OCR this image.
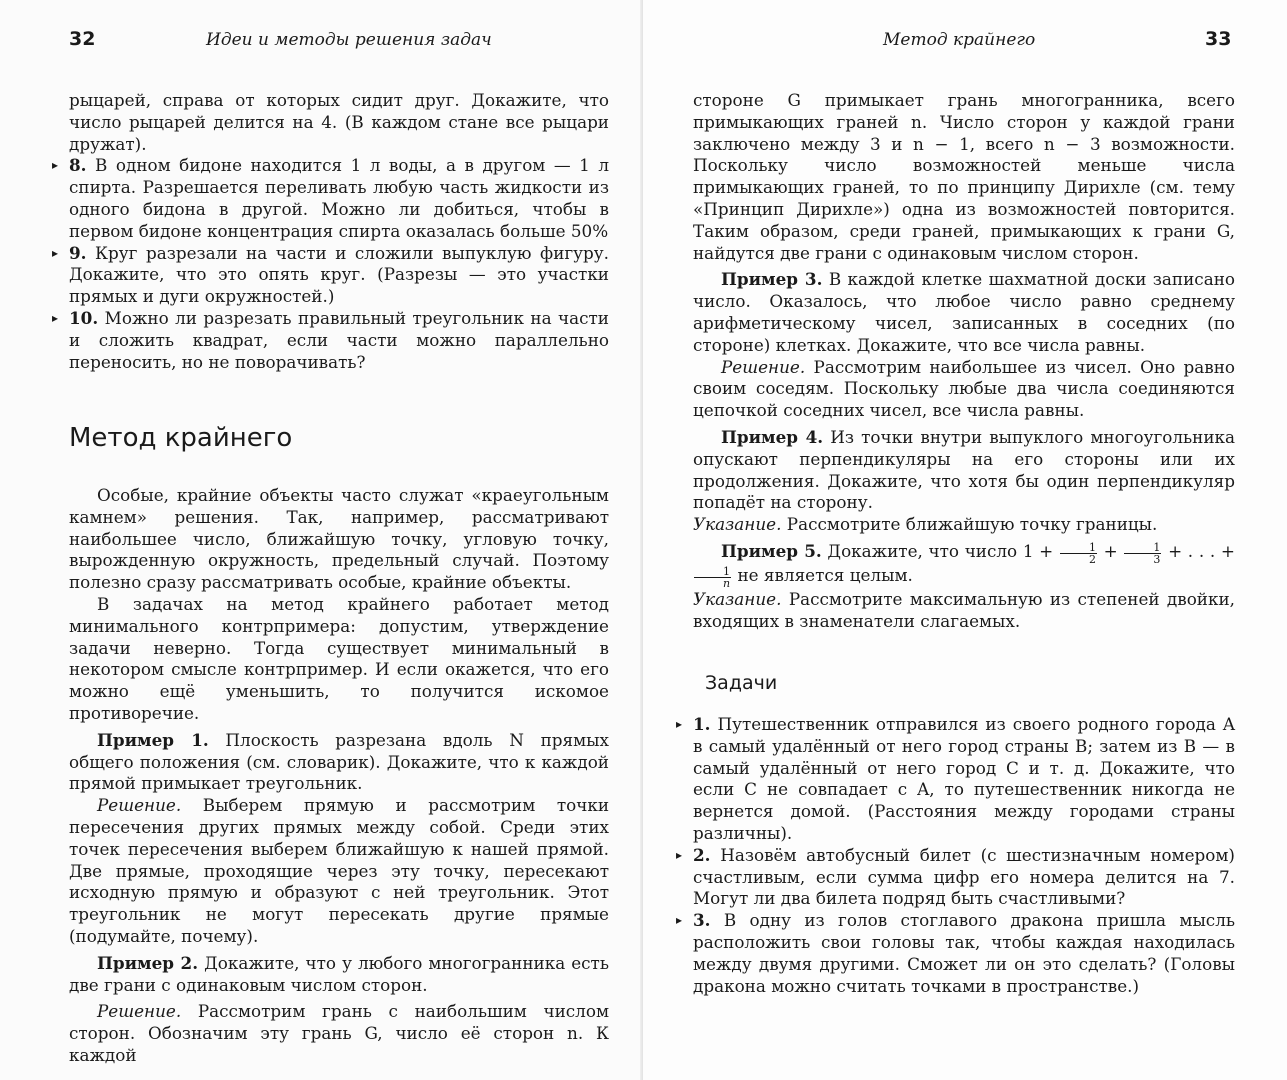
32	Идеи и методы решения задач

рыцарей, справа от которых сидит друг. Докажите, что число рыцарей делится на 4. (В каждом стане все рыцари дружат).

▸ 8. В одном бидоне находится 1 л воды, а в другом — 1 л спирта. Разрешается переливать любую часть жидкости из одного бидона в другой. Можно ли добиться, чтобы в первом бидоне концентрация спирта оказалась больше 50%

▸ 9. Круг разрезали на части и сложили выпуклую фигуру. Докажите, что это опять круг. (Разрезы — это участки прямых и дуги окружностей.)

▸ 10. Можно ли разрезать правильный треугольник на части и сложить квадрат, если части можно параллельно переносить, но не поворачивать?

Метод крайнего

Особые, крайние объекты часто служат «краеугольным камнем» решения. Так, например, рассматривают наибольшее число, ближайшую точку, угловую точку, вырожденную окружность, предельный случай. Поэтому полезно сразу рассматривать особые, крайние объекты.

В задачах на метод крайнего работает метод минимального контрпримера: допустим, утверждение задачи неверно. Тогда существует минимальный в некотором смысле контрпример. И если окажется, что его можно ещё уменьшить, то получится искомое противоречие.

Пример 1. Плоскость разрезана вдоль N прямых общего положения (см. словарик). Докажите, что к каждой прямой примыкает треугольник.

Решение. Выберем прямую и рассмотрим точки пересечения других прямых между собой. Среди этих точек пересечения выберем ближайшую к нашей прямой. Две прямые, проходящие через эту точку, пересекают исходную прямую и образуют с ней треугольник. Этот треугольник не могут пересекать другие прямые (подумайте, почему).

Пример 2. Докажите, что у любого многогранника есть две грани с одинаковым числом сторон.

Решение. Рассмотрим грань с наибольшим числом сторон. Обозначим эту грань G, число её сторон n. К каждой

Метод крайнего	33

стороне G примыкает грань многогранника, всего примыкающих граней n. Число сторон у каждой грани заключено между 3 и n − 1, всего n − 3 возможности. Поскольку число возможностей меньше числа примыкающих граней, то по принципу Дирихле (см. тему «Принцип Дирихле») одна из возможностей повторится. Таким образом, среди граней, примыкающих к грани G, найдутся две грани с одинаковым числом сторон.

Пример 3. В каждой клетке шахматной доски записано число. Оказалось, что любое число равно среднему арифметическому чисел, записанных в соседних (по стороне) клетках. Докажите, что все числа равны.

Решение. Рассмотрим наибольшее из чисел. Оно равно своим соседям. Поскольку любые два числа соединяются цепочкой соседних чисел, все числа равны.

Пример 4. Из точки внутри выпуклого многоугольника опускают перпендикуляры на его стороны или их продолжения. Докажите, что хотя бы один перпендикуляр попадёт на сторону.

Указание. Рассмотрите ближайшую точку границы.

Пример 5. Докажите, что число $1 + \frac{1}{2} + \frac{1}{3}$ + . . . +
$\frac{1}{n}$ не является целым.

Указание. Рассмотрите максимальную из степеней двойки, входящих в знаменатели слагаемых.

Задачи

▸ 1. Путешественник отправился из своего родного города A в самый удалённый от него город страны B; затем из B — в самый удалённый от него город C и т. д. Докажите, что если C не совпадает с A, то путешественник никогда не вернется домой. (Расстояния между городами страны различны).

▸ 2. Назовём автобусный билет (с шестизначным номером) счастливым, если сумма цифр его номера делится на 7. Могут ли два билета подряд быть счастливыми?

▸ 3. В одну из голов стоглавого дракона пришла мысль расположить свои головы так, чтобы каждая находилась между двумя другими. Сможет ли он это сделать? (Головы дракона можно считать точками в пространстве.)
